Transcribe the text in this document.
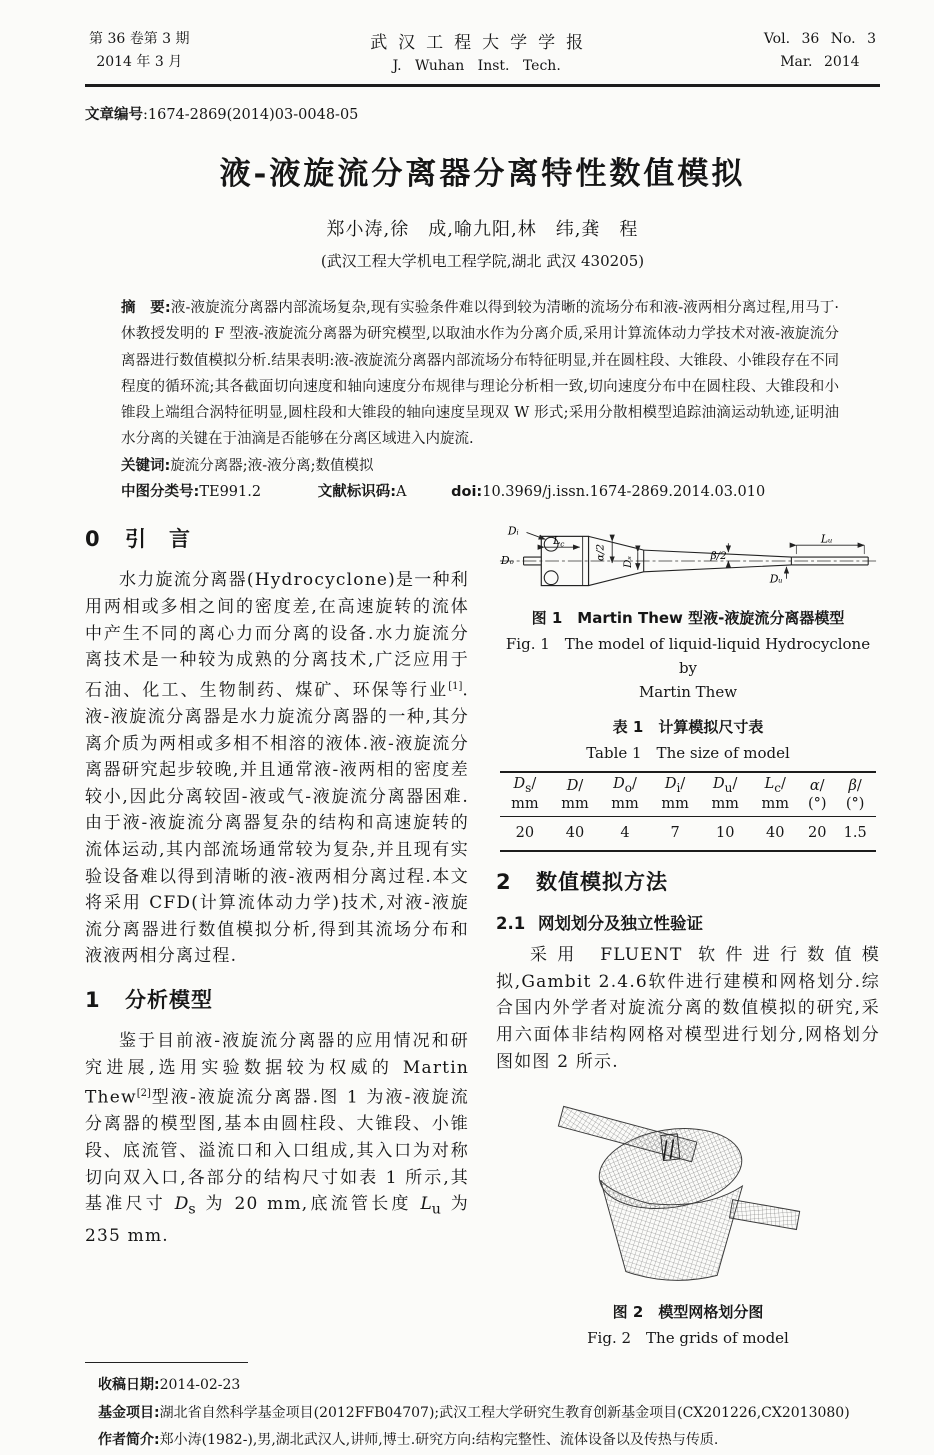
第 36 卷第 3 期
2014 年 3 月
武汉工程大学学报
J. Wuhan Inst. Tech.
Vol. 36 No. 3
Mar. 2014
文章编号:1674-2869(2014)03-0048-05
液-液旋流分离器分离特性数值模拟
郑小涛,徐　成,喻九阳,林　纬,龚　程
(武汉工程大学机电工程学院,湖北 武汉 430205)
摘　要:液-液旋流分离器内部流场复杂,现有实验条件难以得到较为清晰的流场分布和液-液两相分离过程,用马丁·休教授发明的 F 型液-液旋流分离器为研究模型,以取油水作为分离介质,采用计算流体动力学技术对液-液旋流分离器进行数值模拟分析.结果表明:液-液旋流分离器内部流场分布特征明显,并在圆柱段、大锥段、小锥段存在不同程度的循环流;其各截面切向速度和轴向速度分布规律与理论分析相一致,切向速度分布中在圆柱段、大锥段和小锥段上端组合涡特征明显,圆柱段和大锥段的轴向速度呈现双 W 形式;采用分散相模型追踪油滴运动轨迹,证明油水分离的关键在于油滴是否能够在分离区域进入内旋流.
关键词:旋流分离器;液-液分离;数值模拟
中图分类号:TE991.2	文献标识码:A	doi:10.3969/j.issn.1674-2869.2014.03.010
0 引　言

水力旋流分离器(Hydrocyclone)是一种利用两相或多相之间的密度差,在高速旋转的流体中产生不同的离心力而分离的设备.水力旋流分离技术是一种较为成熟的分离技术,广泛应用于石油、化工、生物制药、煤矿、环保等行业[1].液-液旋流分离器是水力旋流分离器的一种,其分离介质为两相或多相不相溶的液体.液-液旋流分离器研究起步较晚,并且通常液-液两相的密度差较小,因此分离较固-液或气-液旋流分离器困难.由于液-液旋流分离器复杂的结构和高速旋转的流体运动,其内部流场通常较为复杂,并且现有实验设备难以得到清晰的液-液两相分离过程.本文将采用 CFD(计算流体动力学)技术,对液-液旋流分离器进行数值模拟分析,得到其流场分布和液液两相分离过程.

1 分析模型

鉴于目前液-液旋流分离器的应用情况和研究进展,选用实验数据较为权威的 Martin Thew[2]型液-液旋流分离器.图 1 为液-液旋流分离器的模型图,基本由圆柱段、大锥段、小锥段、底流管、溢流口和入口组成,其入口为对称切向双入口,各部分的结构尺寸如表 1 所示,其基准尺寸 $D_s$ 为 20 mm,底流管长度 $L_u$ 为 235 mm.

$L_c$	α/2
Dₛ	β/2
Dᵤ
Lᵤ
Dᵢ
Dₒ
图 1　Martin Thew 型液-液旋流分离器模型
Fig. 1　The model of liquid-liquid Hydrocyclone by
Martin Thew
表 1　计算模拟尺寸表
Table 1　The size of model
$D_s/$	D/	$D_o/$	$D_i/$	$D_u/$	$L_c/$	α/	β/
mm	mm	mm	mm	mm	mm	(°)	(°)
20	40	4	7	10	40	20	1.5
2 数值模拟方法
2.1 网划划分及独立性验证

采用 FLUENT 软件进行数值模拟,Gambit 2.4.6软件进行建模和网格划分.综合国内外学者对旋流分离的数值模拟的研究,采用六面体非结构网格对模型进行划分,网格划分图如图 2 所示.

图 2　模型网格划分图
Fig. 2　The grids of model
收稿日期:2014-02-23
基金项目:湖北省自然科学基金项目(2012FFB04707);武汉工程大学研究生教育创新基金项目(CX201226,CX2013080)
作者简介:郑小涛(1982-),男,湖北武汉人,讲师,博士.研究方向:结构完整性、流体设备以及传热与传质.
